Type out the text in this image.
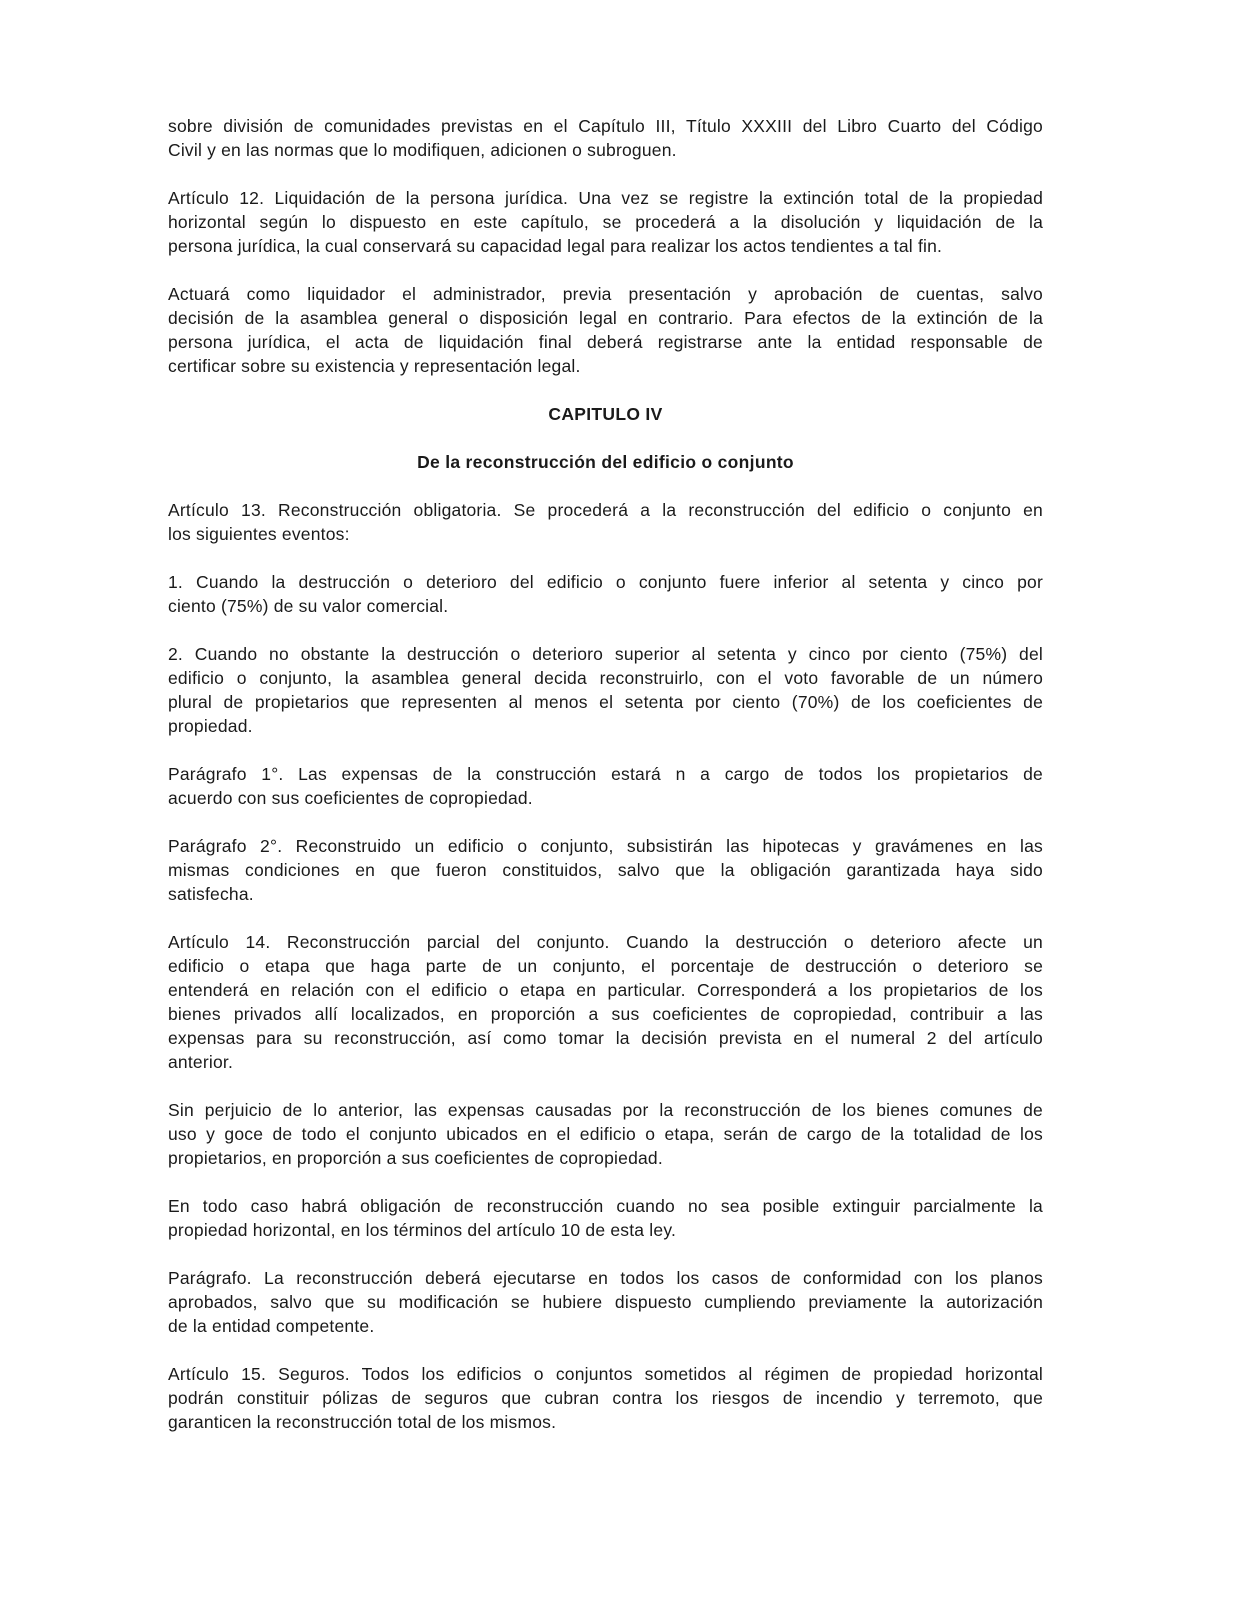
sobre división de comunidades previstas en el Capítulo III, Título XXXIII del Libro Cuarto del Código
Civil y en las normas que lo modifiquen, adicionen o subroguen.
Artículo 12. Liquidación de la persona jurídica. Una vez se registre la extinción total de la propiedad
horizontal según lo dispuesto en este capítulo, se procederá a la disolución y liquidación de la
persona jurídica, la cual conservará su capacidad legal para realizar los actos tendientes a tal fin.
Actuará como liquidador el administrador, previa presentación y aprobación de cuentas, salvo
decisión de la asamblea general o disposición legal en contrario. Para efectos de la extinción de la
persona jurídica, el acta de liquidación final deberá registrarse ante la entidad responsable de
certificar sobre su existencia y representación legal.
CAPITULO IV
De la reconstrucción del edificio o conjunto
Artículo 13. Reconstrucción obligatoria. Se procederá a la reconstrucción del edificio o conjunto en
los siguientes eventos:
1. Cuando la destrucción o deterioro del edificio o conjunto fuere inferior al setenta y cinco por
ciento (75%) de su valor comercial.
2. Cuando no obstante la destrucción o deterioro superior al setenta y cinco por ciento (75%) del
edificio o conjunto, la asamblea general decida reconstruirlo, con el voto favorable de un número
plural de propietarios que representen al menos el setenta por ciento (70%) de los coeficientes de
propiedad.
Parágrafo 1°. Las expensas de la construcción estará n a cargo de todos los propietarios de
acuerdo con sus coeficientes de copropiedad.
Parágrafo 2°. Reconstruido un edificio o conjunto, subsistirán las hipotecas y gravámenes en las
mismas condiciones en que fueron constituidos, salvo que la obligación garantizada haya sido
satisfecha.
Artículo 14. Reconstrucción parcial del conjunto. Cuando la destrucción o deterioro afecte un
edificio o etapa que haga parte de un conjunto, el porcentaje de destrucción o deterioro se
entenderá en relación con el edificio o etapa en particular. Corresponderá a los propietarios de los
bienes privados allí localizados, en proporción a sus coeficientes de copropiedad, contribuir a las
expensas para su reconstrucción, así como tomar la decisión prevista en el numeral 2 del artículo
anterior.
Sin perjuicio de lo anterior, las expensas causadas por la reconstrucción de los bienes comunes de
uso y goce de todo el conjunto ubicados en el edificio o etapa, serán de cargo de la totalidad de los
propietarios, en proporción a sus coeficientes de copropiedad.
En todo caso habrá obligación de reconstrucción cuando no sea posible extinguir parcialmente la
propiedad horizontal, en los términos del artículo 10 de esta ley.
Parágrafo. La reconstrucción deberá ejecutarse en todos los casos de conformidad con los planos
aprobados, salvo que su modificación se hubiere dispuesto cumpliendo previamente la autorización
de la entidad competente.
Artículo 15. Seguros. Todos los edificios o conjuntos sometidos al régimen de propiedad horizontal
podrán constituir pólizas de seguros que cubran contra los riesgos de incendio y terremoto, que
garanticen la reconstrucción total de los mismos.
